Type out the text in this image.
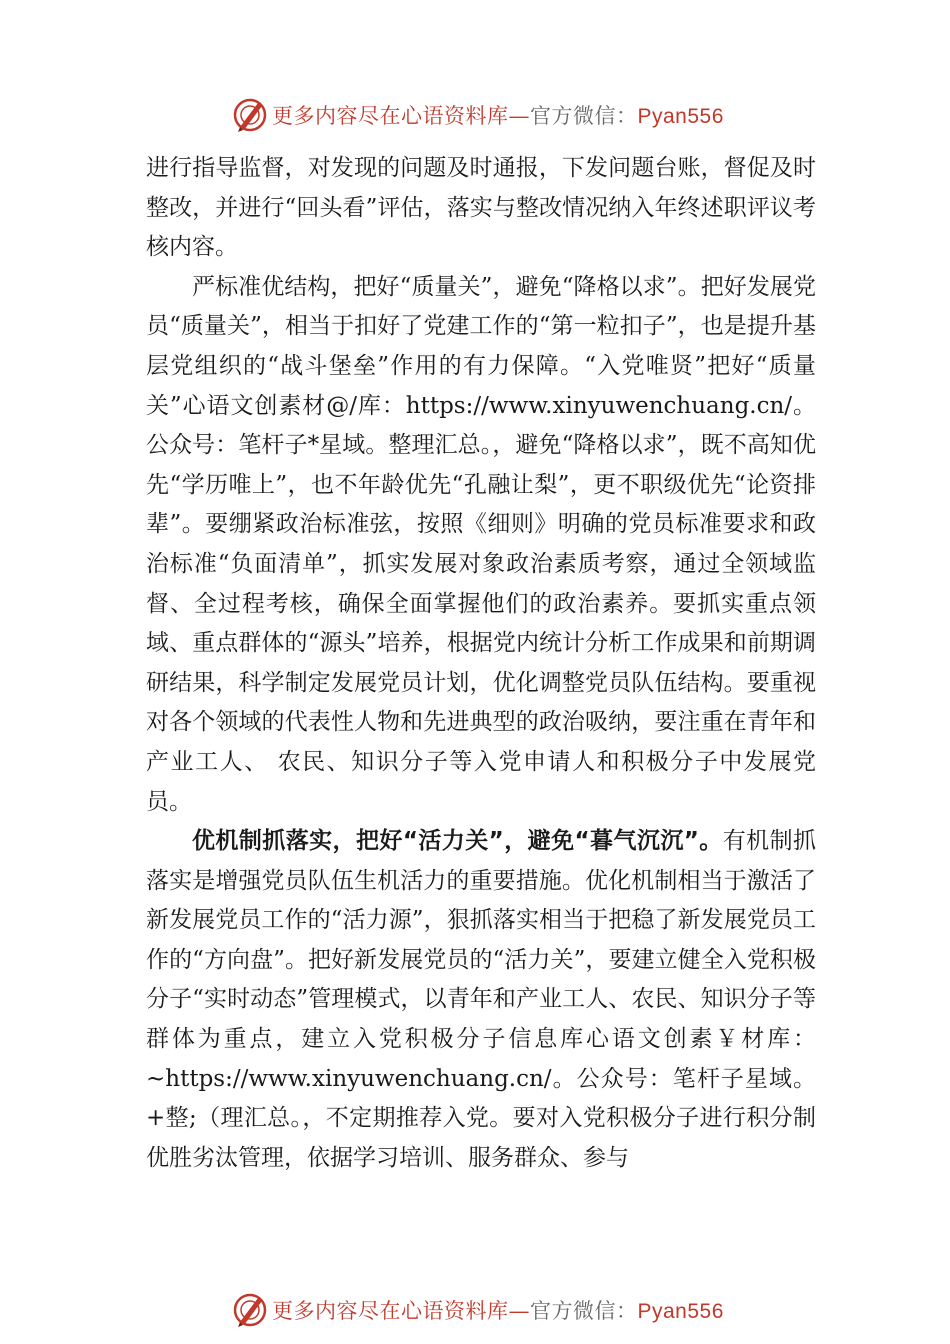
更多内容尽在心语资料库—官方微信：Pyan556

进行指导监督，对发现的问题及时通报，下发问题台账，督促及时整改，并进行“回头看”评估，落实与整改情况纳入年终述职评议考核内容。

严标准优结构，把好“质量关”，避免“降格以求”。把好发展党员“质量关”，相当于扣好了党建工作的“第一粒扣子”，也是提升基层党组织的“战斗堡垒”作用的有力保障。“入党唯贤”把好“质量关”心语文创素材@/库：https://www.xinyuwenchuang.cn/。公众号：笔杆子*星域。整理汇总。，避免“降格以求”，既不高知优先“学历唯上”，也不年龄优先“孔融让梨”，更不职级优先“论资排辈”。要绷紧政治标准弦，按照《细则》明确的党员标准要求和政治标准“负面清单”，抓实发展对象政治素质考察，通过全领域监督、全过程考核，确保全面掌握他们的政治素养。要抓实重点领域、重点群体的“源头”培养，根据党内统计分析工作成果和前期调研结果，科学制定发展党员计划，优化调整党员队伍结构。要重视对各个领域的代表性人物和先进典型的政治吸纳，要注重在青年和产业工人、 农民、知识分子等入党申请人和积极分子中发展党员。

优机制抓落实，把好“活力关”，避免“暮气沉沉”。有机制抓落实是增强党员队伍生机活力的重要措施。优化机制相当于激活了新发展党员工作的“活力源”，狠抓落实相当于把稳了新发展党员工作的“方向盘”。把好新发展党员的“活力关”，要建立健全入党积极分子“实时动态”管理模式，以青年和产业工人、农民、知识分子等群体为重点，建立入党积极分子信息库心语文创素￥材库：~https://www.xinyuwenchuang.cn/。公众号：笔杆子星域。+整;（理汇总。，不定期推荐入党。要对入党积极分子进行积分制优胜劣汰管理，依据学习培训、服务群众、参与

更多内容尽在心语资料库—官方微信：Pyan556
